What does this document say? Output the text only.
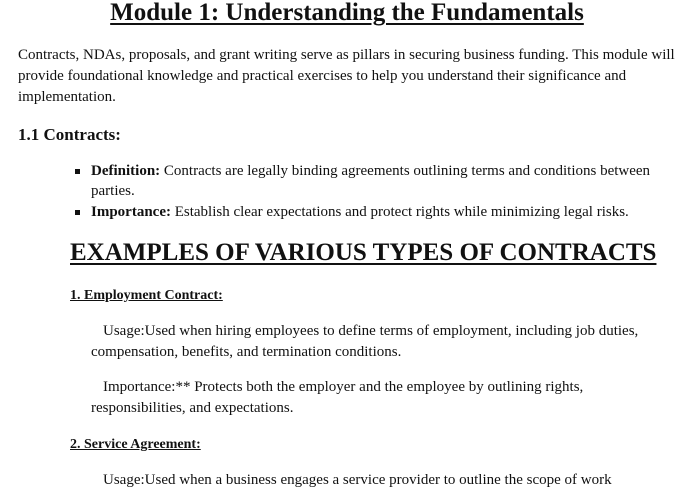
Module 1: Understanding the Fundamentals

Contracts, NDAs, proposals, and grant writing serve as pillars in securing business funding. This module will provide foundational knowledge and practical exercises to help you understand their significance and implementation.

1.1 Contracts:
Definition: Contracts are legally binding agreements outlining terms and conditions between parties.
Importance: Establish clear expectations and protect rights while minimizing legal risks.
EXAMPLES OF VARIOUS TYPES OF CONTRACTS
1. Employment Contract:

Usage:Used when hiring employees to define terms of employment, including job duties, compensation, benefits, and termination conditions.

Importance:** Protects both the employer and the employee by outlining rights, responsibilities, and expectations.

2. Service Agreement:

Usage:Used when a business engages a service provider to outline the scope of work
